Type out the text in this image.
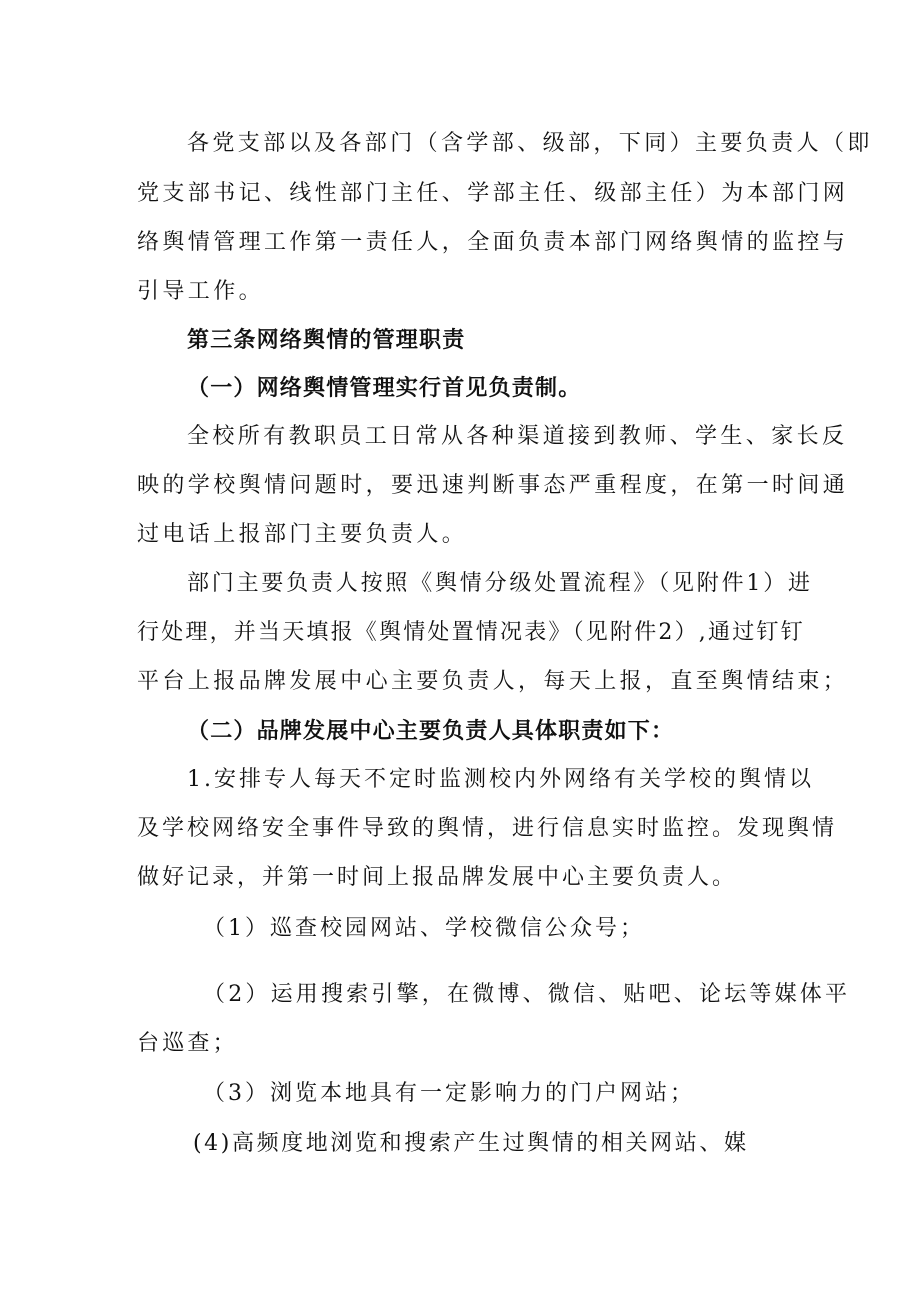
各党支部以及各部门（含学部、级部，下同）主要负责人（即
党支部书记、线性部门主任、学部主任、级部主任）为本部门网
络舆情管理工作第一责任人，全面负责本部门网络舆情的监控与
引导工作。
第三条网络舆情的管理职责
（一）网络舆情管理实行首见负责制。
全校所有教职员工日常从各种渠道接到教师、学生、家长反
映的学校舆情问题时，要迅速判断事态严重程度，在第一时间通
过电话上报部门主要负责人。
部门主要负责人按照《舆情分级处置流程》（见附件1）进
行处理，并当天填报《舆情处置情况表》（见附件2）,通过钉钉
平台上报品牌发展中心主要负责人，每天上报，直至舆情结束；
（二）品牌发展中心主要负责人具体职责如下：
1.安排专人每天不定时监测校内外网络有关学校的舆情以
及学校网络安全事件导致的舆情，进行信息实时监控。发现舆情
做好记录，并第一时间上报品牌发展中心主要负责人。
（1）巡查校园网站、学校微信公众号；
（2）运用搜索引擎，在微博、微信、贴吧、论坛等媒体平
台巡查；
（3）浏览本地具有一定影响力的门户网站；
(4)高频度地浏览和搜索产生过舆情的相关网站、媒
